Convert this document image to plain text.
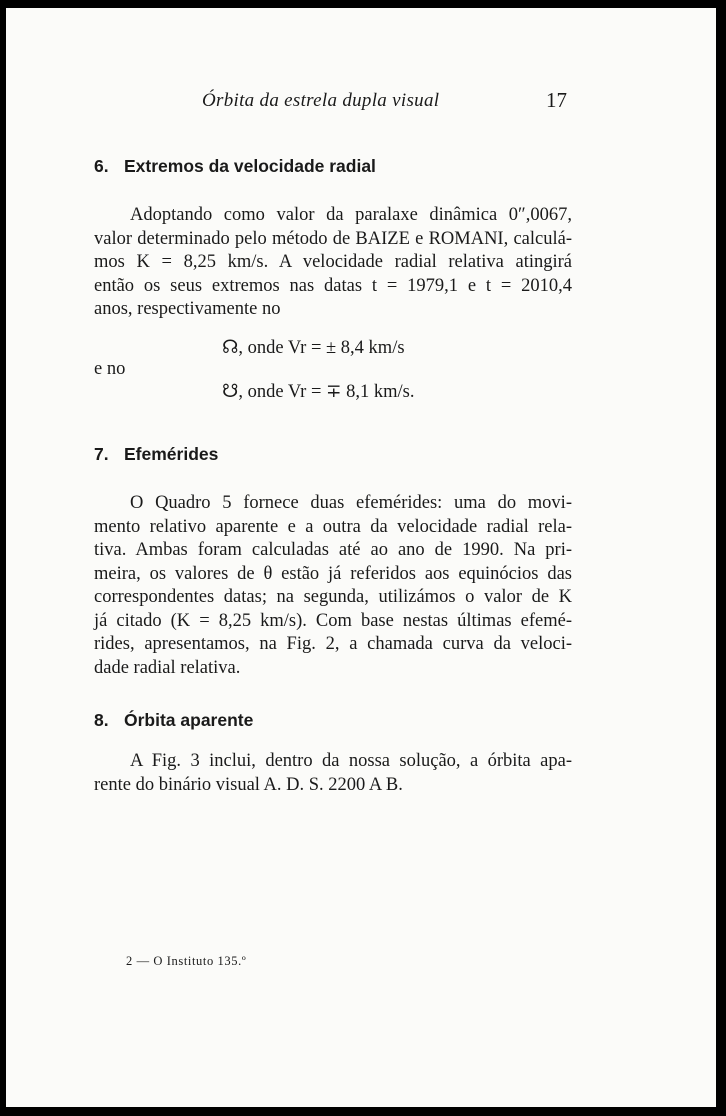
Órbita da estrela dupla visual	17
6. Extremos da velocidade radial

Adoptando como valor da paralaxe dinâmica 0″,0067,
valor determinado pelo método de BAIZE e ROMANI, calculá-
mos K = 8,25 km/s. A velocidade radial relativa atingirá
então os seus extremos nas datas t = 1979,1 e t = 2010,4
anos, respectivamente no

☊, onde Vr = ± 8,4 km/s
e no
☋, onde Vr = ∓ 8,1 km/s.
7. Efemérides

O Quadro 5 fornece duas efemérides: uma do movi-
mento relativo aparente e a outra da velocidade radial rela-
tiva. Ambas foram calculadas até ao ano de 1990. Na pri-
meira, os valores de θ estão já referidos aos equinócios das
correspondentes datas; na segunda, utilizámos o valor de K
já citado (K = 8,25 km/s). Com base nestas últimas efemé-
rides, apresentamos, na Fig. 2, a chamada curva da veloci-
dade radial relativa.

8. Órbita aparente

A Fig. 3 inclui, dentro da nossa solução, a órbita apa-
rente do binário visual A. D. S. 2200 A B.

2 — O Instituto 135.º
